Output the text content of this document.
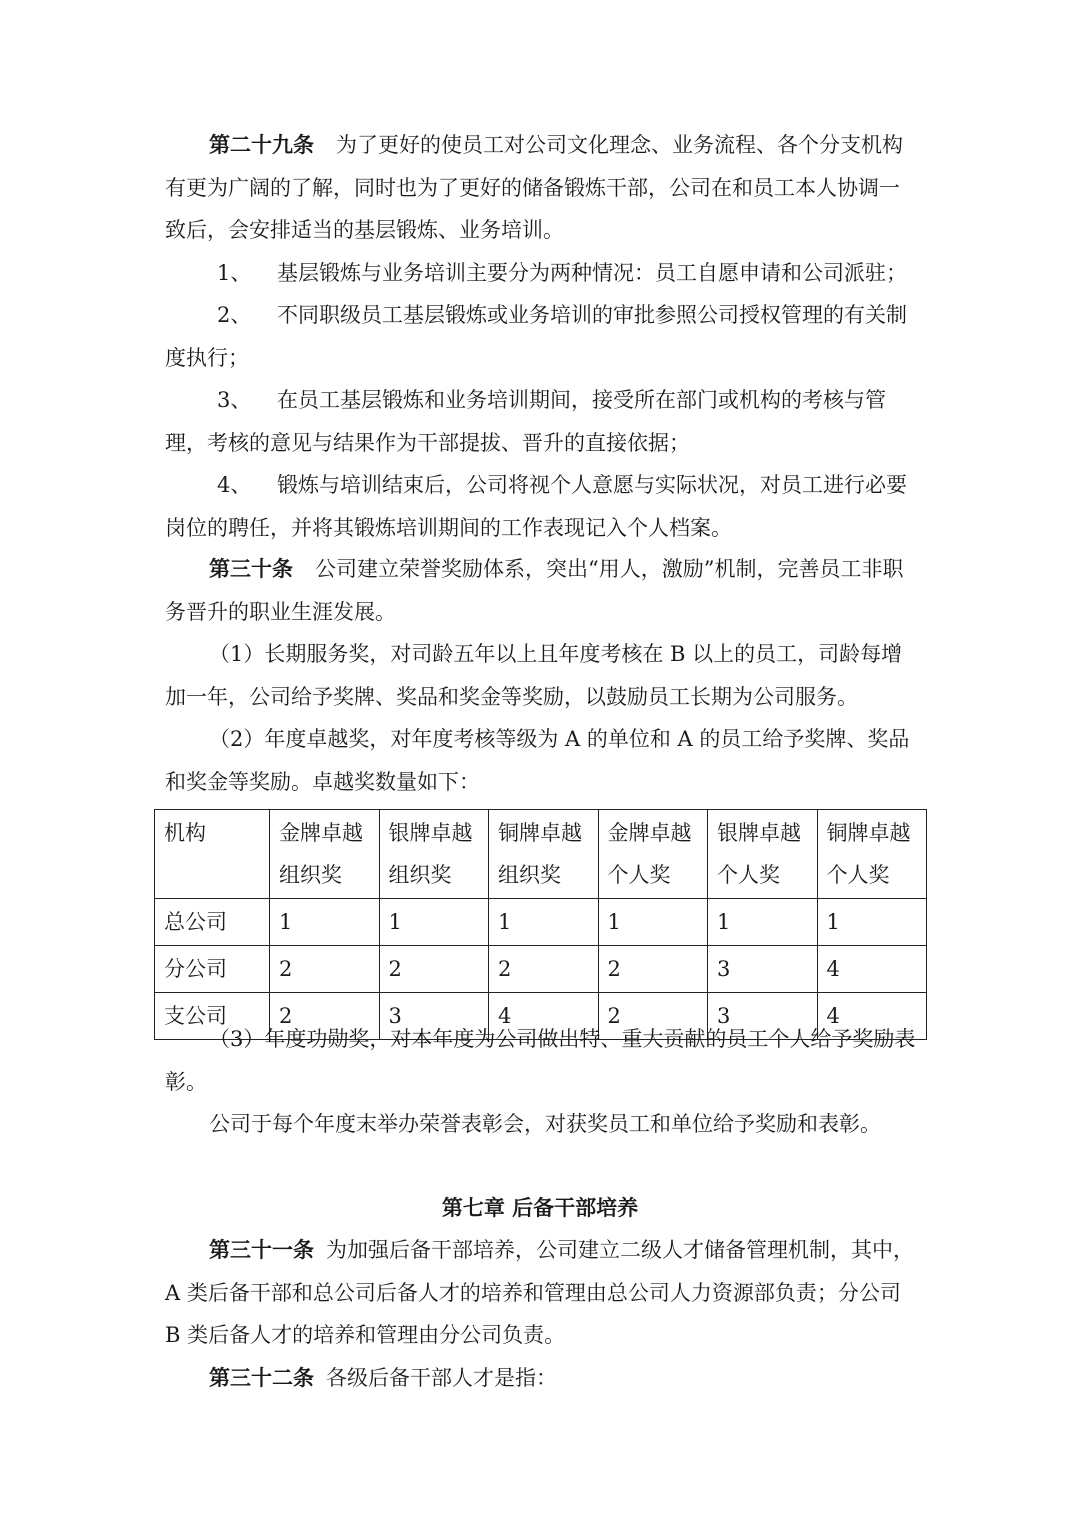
第二十九条 为了更好的使员工对公司文化理念、业务流程、各个分支机构有更为广阔的了解，同时也为了更好的储备锻炼干部，公司在和员工本人协调一致后，会安排适当的基层锻炼、业务培训。

1、 基层锻炼与业务培训主要分为两种情况：员工自愿申请和公司派驻；

2、 不同职级员工基层锻炼或业务培训的审批参照公司授权管理的有关制度执行；

3、 在员工基层锻炼和业务培训期间，接受所在部门或机构的考核与管理，考核的意见与结果作为干部提拔、晋升的直接依据；

4、 锻炼与培训结束后，公司将视个人意愿与实际状况，对员工进行必要岗位的聘任，并将其锻炼培训期间的工作表现记入个人档案。

第三十条 公司建立荣誉奖励体系，突出“用人，激励”机制，完善员工非职务晋升的职业生涯发展。

（1）长期服务奖，对司龄五年以上且年度考核在 B 以上的员工，司龄每增加一年，公司给予奖牌、奖品和奖金等奖励，以鼓励员工长期为公司服务。

（2）年度卓越奖，对年度考核等级为 A 的单位和 A 的员工给予奖牌、奖品和奖金等奖励。卓越奖数量如下：

机构	金牌卓越组织奖	银牌卓越组织奖	铜牌卓越组织奖	金牌卓越个人奖	银牌卓越个人奖	铜牌卓越个人奖
总公司	1	1	1	1	1	1
分公司	2	2	2	2	3	4
支公司	2	3	4	2	3	4

（3）年度功勋奖，对本年度为公司做出特、重大贡献的员工个人给予奖励表彰。

公司于每个年度末举办荣誉表彰会，对获奖员工和单位给予奖励和表彰。

第七章 后备干部培养

第三十一条 为加强后备干部培养，公司建立二级人才储备管理机制，其中，A 类后备干部和总公司后备人才的培养和管理由总公司人力资源部负责；分公司 B 类后备人才的培养和管理由分公司负责。

第三十二条 各级后备干部人才是指：
